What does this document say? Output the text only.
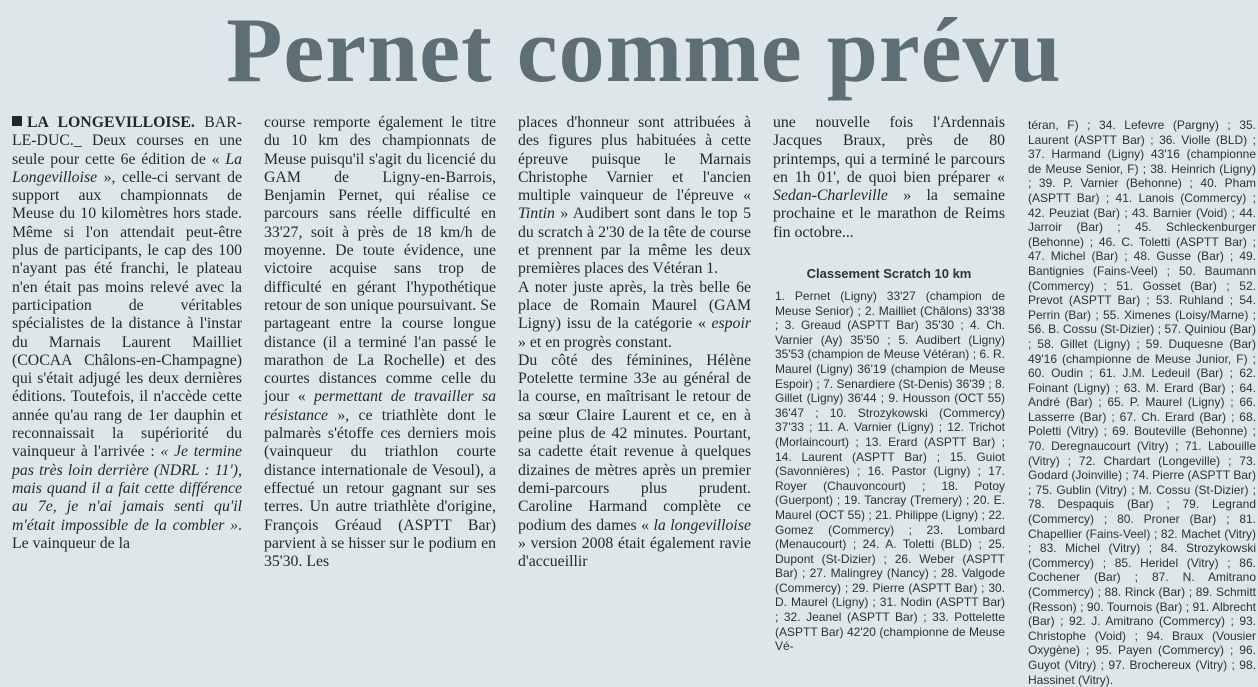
Pernet comme prévu

LA LONGEVILLOISE. BAR-LE-DUC._ Deux courses en une seule pour cette 6e édition de « La Longevilloise », celle-ci servant de support aux championnats de Meuse du 10 kilomètres hors stade. Même si l'on attendait peut-être plus de participants, le cap des 100 n'ayant pas été franchi, le plateau n'en était pas moins relevé avec la participation de véritables spécialistes de la distance à l'instar du Marnais Laurent Mailliet (COCAA Châlons-en-Champagne) qui s'était adjugé les deux dernières éditions. Toutefois, il n'accède cette année qu'au rang de 1er dauphin et reconnaissait la supériorité du vainqueur à l'arrivée : « Je termine pas très loin derrière (NDRL : 11'), mais quand il a fait cette différence au 7e, je n'ai jamais senti qu'il m'était impossible de la combler ». Le vainqueur de la

course remporte également le titre du 10 km des championnats de Meuse puisqu'il s'agit du licencié du GAM de Ligny-en-Barrois, Benjamin Pernet, qui réalise ce parcours sans réelle difficulté en 33'27, soit à près de 18 km/h de moyenne. De toute évidence, une victoire acquise sans trop de difficulté en gérant l'hypothétique retour de son unique poursuivant. Se partageant entre la course longue distance (il a terminé l'an passé le marathon de La Rochelle) et des courtes distances comme celle du jour « permettant de travailler sa résistance », ce triathlète dont le palmarès s'étoffe ces derniers mois (vainqueur du triathlon courte distance internationale de Vesoul), a effectué un retour gagnant sur ses terres. Un autre triathlète d'origine, François Gréaud (ASPTT Bar) parvient à se hisser sur le podium en 35'30. Les

places d'honneur sont attribuées à des figures plus habituées à cette épreuve puisque le Marnais Christophe Varnier et l'ancien multiple vainqueur de l'épreuve « Tintin » Audibert sont dans le top 5 du scratch à 2'30 de la tête de course et prennent par la même les deux premières places des Vétéran 1.

A noter juste après, la très belle 6e place de Romain Maurel (GAM Ligny) issu de la catégorie « espoir » et en progrès constant.

Du côté des féminines, Hélène Potelette termine 33e au général de la course, en maîtrisant le retour de sa sœur Claire Laurent et ce, en à peine plus de 42 minutes. Pourtant, sa cadette était revenue à quelques dizaines de mètres après un premier demi-parcours plus prudent. Caroline Harmand complète ce podium des dames « la longevilloise » version 2008 était également ravie d'accueillir

une nouvelle fois l'Ardennais Jacques Braux, près de 80 printemps, qui a terminé le parcours en 1h 01', de quoi bien préparer « Sedan-Charleville » la semaine prochaine et le marathon de Reims fin octobre...

Classement Scratch 10 km
1. Pernet (Ligny) 33'27 (champion de Meuse Senior) ; 2. Mailliet (Châlons) 33'38 ; 3. Greaud (ASPTT Bar) 35'30 ; 4. Ch. Varnier (Ay) 35'50 ; 5. Audibert (Ligny) 35'53 (champion de Meuse Vétéran) ; 6. R. Maurel (Ligny) 36'19 (champion de Meuse Espoir) ; 7. Senardiere (St-Denis) 36'39 ; 8. Gillet (Ligny) 36'44 ; 9. Housson (OCT 55) 36'47 ; 10. Strozykowski (Commercy) 37'33 ; 11. A. Varnier (Ligny) ; 12. Trichot (Morlaincourt) ; 13. Erard (ASPTT Bar) ; 14. Laurent (ASPTT Bar) ; 15. Guiot (Savonnières) ; 16. Pastor (Ligny) ; 17. Royer (Chauvoncourt) ; 18. Potoy (Guerpont) ; 19. Tancray (Tremery) ; 20. E. Maurel (OCT 55) ; 21. Philippe (Ligny) ; 22. Gomez (Commercy) ; 23. Lombard (Menaucourt) ; 24. A. Toletti (BLD) ; 25. Dupont (St-Dizier) ; 26. Weber (ASPTT Bar) ; 27. Malingrey (Nancy) ; 28. Valgode (Commercy) ; 29. Pierre (ASPTT Bar) ; 30. D. Maurel (Ligny) ; 31. Nodin (ASPTT Bar) ; 32. Jeanel (ASPTT Bar) ; 33. Pottelette (ASPTT Bar) 42'20 (championne de Meuse Vé-
téran, F) ; 34. Lefevre (Pargny) ; 35. Laurent (ASPTT Bar) ; 36. Violle (BLD) ; 37. Harmand (Ligny) 43'16 (championne de Meuse Senior, F) ; 38. Heinrich (Ligny) ; 39. P. Varnier (Behonne) ; 40. Pham (ASPTT Bar) ; 41. Lanois (Commercy) ; 42. Peuziat (Bar) ; 43. Barnier (Void) ; 44. Jarroir (Bar) ; 45. Schleckenburger (Behonne) ; 46. C. Toletti (ASPTT Bar) ; 47. Michel (Bar) ; 48. Gusse (Bar) ; 49. Bantignies (Fains-Veel) ; 50. Baumann (Commercy) ; 51. Gosset (Bar) ; 52. Prevot (ASPTT Bar) ; 53. Ruhland ; 54. Perrin (Bar) ; 55. Ximenes (Loisy/Marne) ; 56. B. Cossu (St-Dizier) ; 57. Quiniou (Bar) ; 58. Gillet (Ligny) ; 59. Duquesne (Bar) 49'16 (championne de Meuse Junior, F) ; 60. Oudin ; 61. J.M. Ledeuil (Bar) ; 62. Foinant (Ligny) ; 63. M. Erard (Bar) ; 64. André (Bar) ; 65. P. Maurel (Ligny) ; 66. Lasserre (Bar) ; 67. Ch. Erard (Bar) ; 68. Poletti (Vitry) ; 69. Bouteville (Behonne) ; 70. Deregnaucourt (Vitry) ; 71. Labouille (Vitry) ; 72. Chardart (Longeville) ; 73. Godard (Joinville) ; 74. Pierre (ASPTT Bar) ; 75. Gublin (Vitry) ; M. Cossu (St-Dizier) ; 78. Despaquis (Bar) ; 79. Legrand (Commercy) ; 80. Proner (Bar) ; 81. Chapellier (Fains-Veel) ; 82. Machet (Vitry) ; 83. Michel (Vitry) ; 84. Strozykowski (Commercy) ; 85. Heridel (Vitry) ; 86. Cochener (Bar) ; 87. N. Amitrano (Commercy) ; 88. Rinck (Bar) ; 89. Schmitt (Resson) ; 90. Tournois (Bar) ; 91. Albrecht (Bar) ; 92. J. Amitrano (Commercy) ; 93. Christophe (Void) ; 94. Braux (Vousier Oxygène) ; 95. Payen (Commercy) ; 96. Guyot (Vitry) ; 97. Brochereux (Vitry) ; 98. Hassinet (Vitry).
